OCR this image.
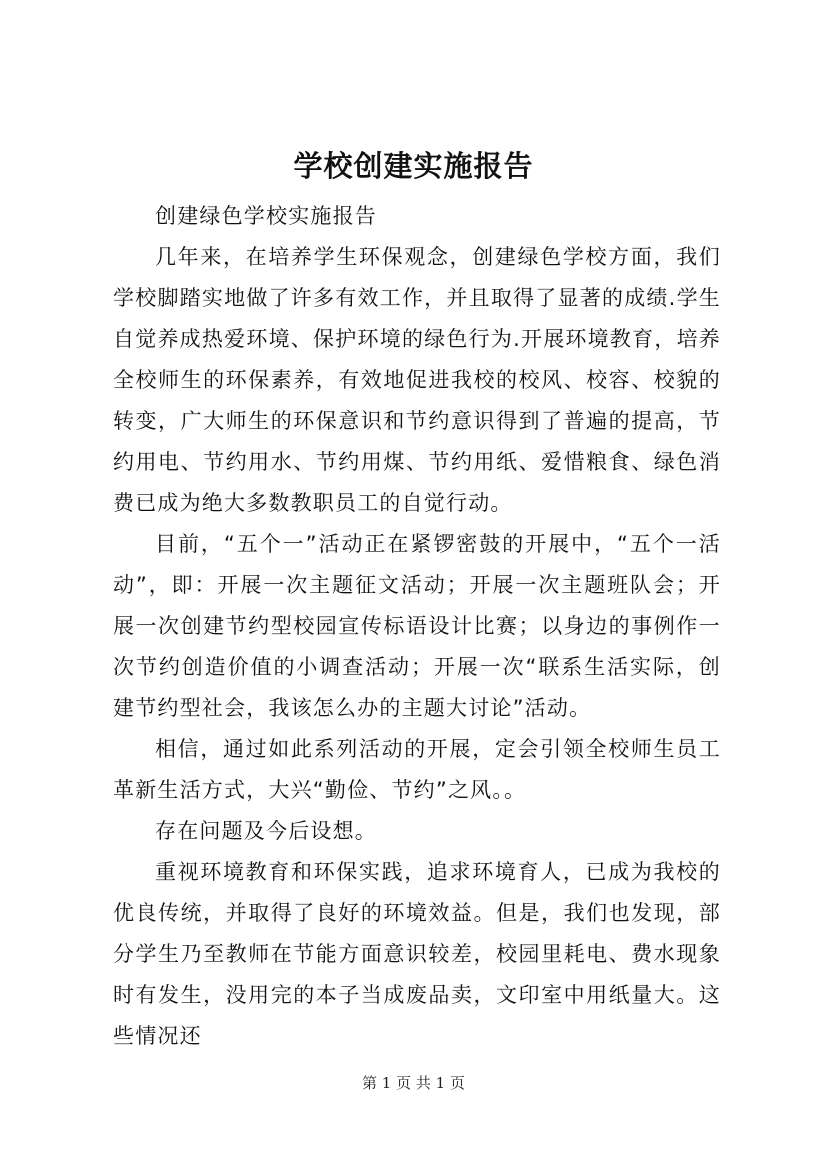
学校创建实施报告

创建绿色学校实施报告

几年来，在培养学生环保观念，创建绿色学校方面，我们学校脚踏实地做了许多有效工作，并且取得了显著的成绩.学生自觉养成热爱环境、保护环境的绿色行为.开展环境教育，培养全校师生的环保素养，有效地促进我校的校风、校容、校貌的转变，广大师生的环保意识和节约意识得到了普遍的提高，节约用电、节约用水、节约用煤、节约用纸、爱惜粮食、绿色消费已成为绝大多数教职员工的自觉行动。

目前，“五个一”活动正在紧锣密鼓的开展中，“五个一活动”，即：开展一次主题征文活动；开展一次主题班队会；开展一次创建节约型校园宣传标语设计比赛；以身边的事例作一次节约创造价值的小调查活动；开展一次“联系生活实际，创建节约型社会，我该怎么办的主题大讨论”活动。

相信，通过如此系列活动的开展，定会引领全校师生员工革新生活方式，大兴“勤俭、节约”之风。。

存在问题及今后设想。

重视环境教育和环保实践，追求环境育人，已成为我校的优良传统，并取得了良好的环境效益。但是，我们也发现，部分学生乃至教师在节能方面意识较差，校园里耗电、费水现象时有发生，没用完的本子当成废品卖，文印室中用纸量大。这些情况还

第 1 页 共 1 页
